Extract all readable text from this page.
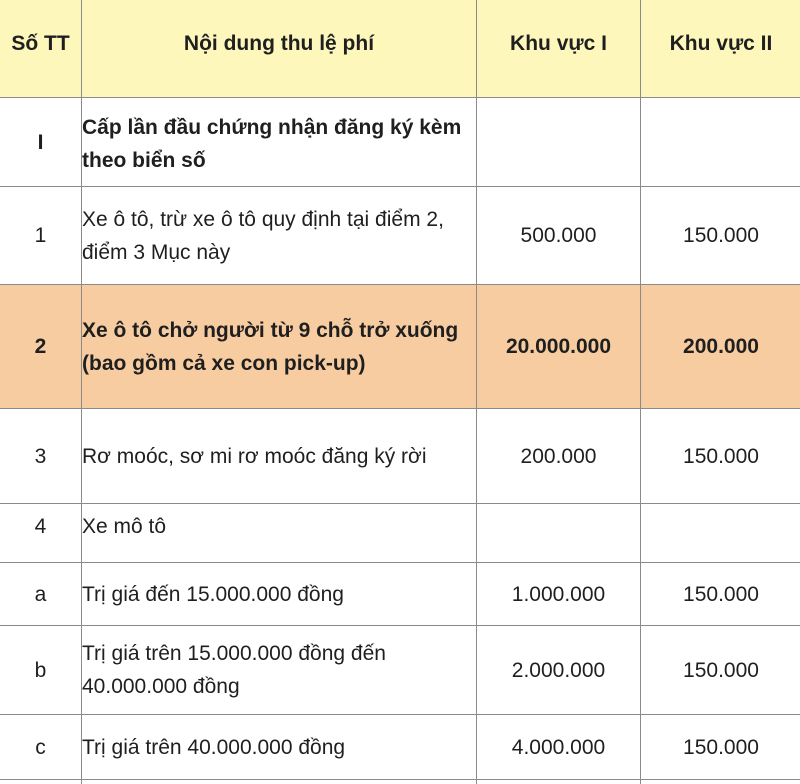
Số TT	Nội dung thu lệ phí	Khu vực I	Khu vực II
I	Cấp lần đầu chứng nhận đăng ký kèm theo biển số		
1	Xe ô tô, trừ xe ô tô quy định tại điểm 2, điểm 3 Mục này	500.000	150.000
2	Xe ô tô chở người từ 9 chỗ trở xuống (bao gồm cả xe con pick-up)	20.000.000	200.000
3	Rơ moóc, sơ mi rơ moóc đăng ký rời	200.000	150.000
4	Xe mô tô		
a	Trị giá đến 15.000.000 đồng	1.000.000	150.000
b	Trị giá trên 15.000.000 đồng đến 40.000.000 đồng	2.000.000	150.000
c	Trị giá trên 40.000.000 đồng	4.000.000	150.000
